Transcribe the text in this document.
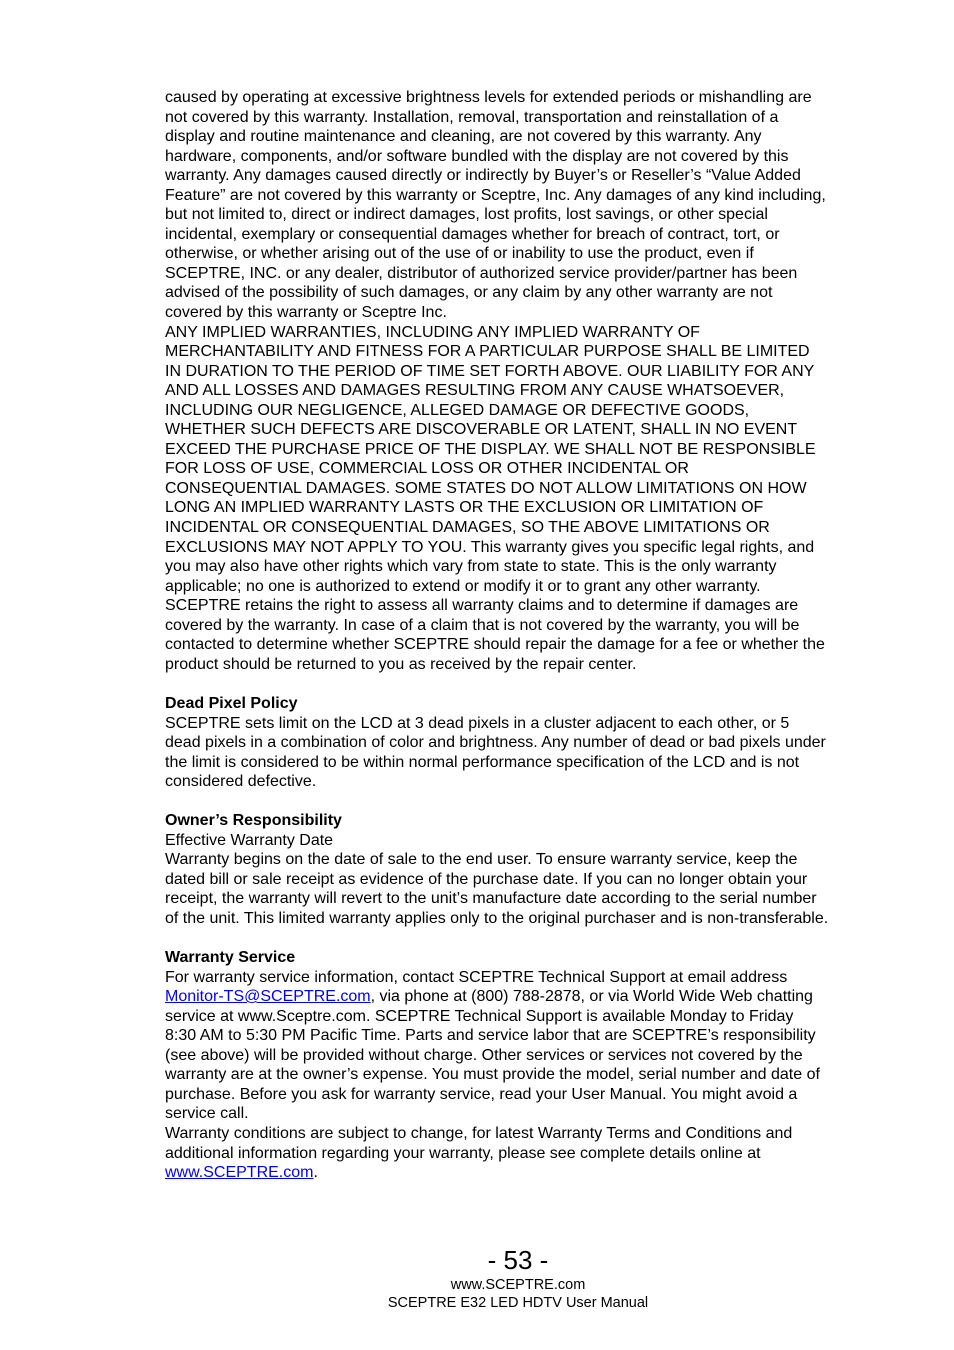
caused by operating at excessive brightness levels for extended periods or mishandling are
not covered by this warranty. Installation, removal, transportation and reinstallation of a
display and routine maintenance and cleaning, are not covered by this warranty. Any
hardware, components, and/or software bundled with the display are not covered by this
warranty. Any damages caused directly or indirectly by Buyer’s or Reseller’s “Value Added
Feature” are not covered by this warranty or Sceptre, Inc. Any damages of any kind including,
but not limited to, direct or indirect damages, lost profits, lost savings, or other special
incidental, exemplary or consequential damages whether for breach of contract, tort, or
otherwise, or whether arising out of the use of or inability to use the product, even if
SCEPTRE, INC. or any dealer, distributor of authorized service provider/partner has been
advised of the possibility of such damages, or any claim by any other warranty are not
covered by this warranty or Sceptre Inc.

ANY IMPLIED WARRANTIES, INCLUDING ANY IMPLIED WARRANTY OF
MERCHANTABILITY AND FITNESS FOR A PARTICULAR PURPOSE SHALL BE LIMITED
IN DURATION TO THE PERIOD OF TIME SET FORTH ABOVE. OUR LIABILITY FOR ANY
AND ALL LOSSES AND DAMAGES RESULTING FROM ANY CAUSE WHATSOEVER,
INCLUDING OUR NEGLIGENCE, ALLEGED DAMAGE OR DEFECTIVE GOODS,
WHETHER SUCH DEFECTS ARE DISCOVERABLE OR LATENT, SHALL IN NO EVENT
EXCEED THE PURCHASE PRICE OF THE DISPLAY. WE SHALL NOT BE RESPONSIBLE
FOR LOSS OF USE, COMMERCIAL LOSS OR OTHER INCIDENTAL OR
CONSEQUENTIAL DAMAGES. SOME STATES DO NOT ALLOW LIMITATIONS ON HOW
LONG AN IMPLIED WARRANTY LASTS OR THE EXCLUSION OR LIMITATION OF
INCIDENTAL OR CONSEQUENTIAL DAMAGES, SO THE ABOVE LIMITATIONS OR
EXCLUSIONS MAY NOT APPLY TO YOU. This warranty gives you specific legal rights, and
you may also have other rights which vary from state to state. This is the only warranty
applicable; no one is authorized to extend or modify it or to grant any other warranty.

SCEPTRE retains the right to assess all warranty claims and to determine if damages are
covered by the warranty. In case of a claim that is not covered by the warranty, you will be
contacted to determine whether SCEPTRE should repair the damage for a fee or whether the
product should be returned to you as received by the repair center.

Dead Pixel Policy

SCEPTRE sets limit on the LCD at 3 dead pixels in a cluster adjacent to each other, or 5
dead pixels in a combination of color and brightness. Any number of dead or bad pixels under
the limit is considered to be within normal performance specification of the LCD and is not
considered defective.

Owner’s Responsibility

Effective Warranty Date

Warranty begins on the date of sale to the end user. To ensure warranty service, keep the
dated bill or sale receipt as evidence of the purchase date. If you can no longer obtain your
receipt, the warranty will revert to the unit’s manufacture date according to the serial number
of the unit. This limited warranty applies only to the original purchaser and is non-transferable.

Warranty Service

For warranty service information, contact SCEPTRE Technical Support at email address
Monitor-TS@SCEPTRE.com, via phone at (800) 788-2878, or via World Wide Web chatting
service at www.Sceptre.com. SCEPTRE Technical Support is available Monday to Friday
8:30 AM to 5:30 PM Pacific Time. Parts and service labor that are SCEPTRE’s responsibility
(see above) will be provided without charge. Other services or services not covered by the
warranty are at the owner’s expense. You must provide the model, serial number and date of
purchase. Before you ask for warranty service, read your User Manual. You might avoid a
service call.

Warranty conditions are subject to change, for latest Warranty Terms and Conditions and
additional information regarding your warranty, please see complete details online at
www.SCEPTRE.com.

- 53 -

www.SCEPTRE.com

SCEPTRE E32 LED HDTV User Manual
